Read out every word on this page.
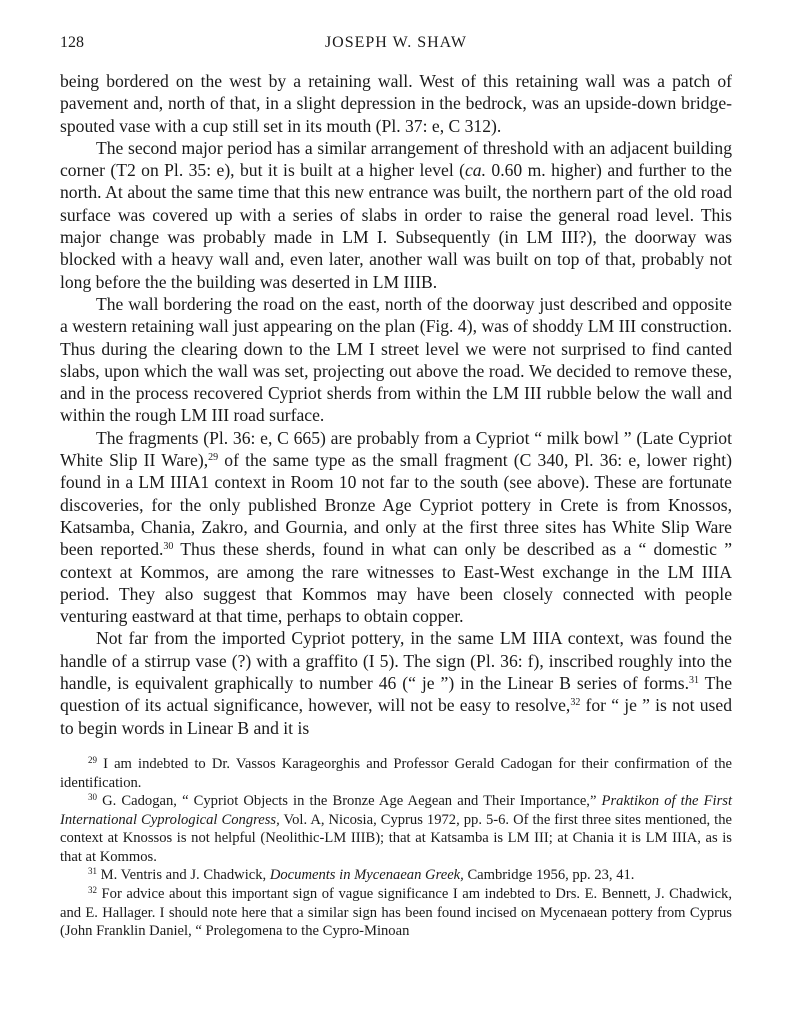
128	JOSEPH W. SHAW

being bordered on the west by a retaining wall. West of this retaining wall was a patch of pavement and, north of that, in a slight depression in the bedrock, was an upside-down bridge-spouted vase with a cup still set in its mouth (Pl. 37: e, C 312).

The second major period has a similar arrangement of threshold with an adjacent building corner (T2 on Pl. 35: e), but it is built at a higher level (ca. 0.60 m. higher) and further to the north. At about the same time that this new entrance was built, the northern part of the old road surface was covered up with a series of slabs in order to raise the general road level. This major change was probably made in LM I. Subsequently (in LM III?), the doorway was blocked with a heavy wall and, even later, another wall was built on top of that, probably not long before the the building was deserted in LM IIIB.

The wall bordering the road on the east, north of the doorway just described and opposite a western retaining wall just appearing on the plan (Fig. 4), was of shoddy LM III construction. Thus during the clearing down to the LM I street level we were not surprised to find canted slabs, upon which the wall was set, projecting out above the road. We decided to remove these, and in the process recovered Cypriot sherds from within the LM III rubble below the wall and within the rough LM III road surface.

The fragments (Pl. 36: e, C 665) are probably from a Cypriot “ milk bowl ” (Late Cypriot White Slip II Ware),$^{29}$ of the same type as the small fragment (C 340, Pl. 36: e, lower right) found in a LM IIIA1 context in Room 10 not far to the south (see above). These are fortunate discoveries, for the only published Bronze Age Cypriot pottery in Crete is from Knossos, Katsamba, Chania, Zakro, and Gournia, and only at the first three sites has White Slip Ware been reported.$^{30}$ Thus these sherds, found in what can only be described as a “ domestic ” context at Kommos, are among the rare witnesses to East-West exchange in the LM IIIA period. They also suggest that Kommos may have been closely connected with people venturing eastward at that time, perhaps to obtain copper.

Not far from the imported Cypriot pottery, in the same LM IIIA context, was found the handle of a stirrup vase (?) with a graffito (I 5). The sign (Pl. 36: f), inscribed roughly into the handle, is equivalent graphically to number 46 (“ je ”) in the Linear B series of forms.$^{31}$ The question of its actual significance, however, will not be easy to resolve,$^{32}$ for “ je ” is not used to begin words in Linear B and it is

$^{29}$ I am indebted to Dr. Vassos Karageorghis and Professor Gerald Cadogan for their confirmation of the identification.

$^{30}$ G. Cadogan, “ Cypriot Objects in the Bronze Age Aegean and Their Importance,” Praktikon of the First International Cyprological Congress, Vol. A, Nicosia, Cyprus 1972, pp. 5-6. Of the first three sites mentioned, the context at Knossos is not helpful (Neolithic-LM IIIB); that at Katsamba is LM III; at Chania it is LM IIIA, as is that at Kommos.

$^{31}$ M. Ventris and J. Chadwick, Documents in Mycenaean Greek, Cambridge 1956, pp. 23, 41.

$^{32}$ For advice about this important sign of vague significance I am indebted to Drs. E. Bennett, J. Chadwick, and E. Hallager. I should note here that a similar sign has been found incised on Mycenaean pottery from Cyprus (John Franklin Daniel, “ Prolegomena to the Cypro-Minoan
